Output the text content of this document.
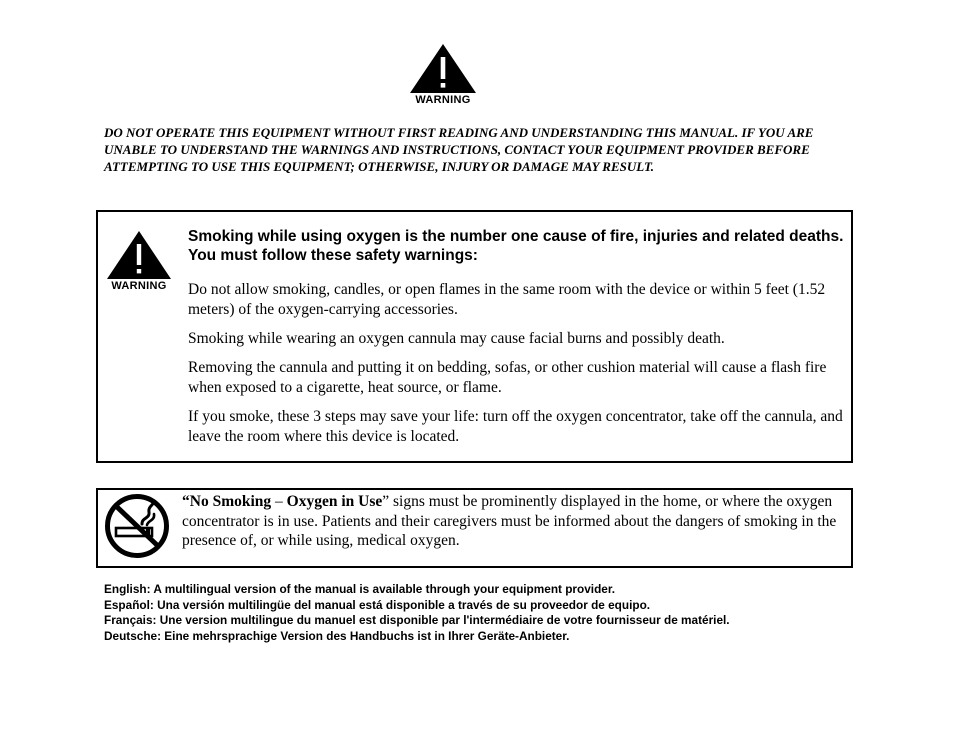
WARNING
DO NOT OPERATE THIS EQUIPMENT WITHOUT FIRST READING AND UNDERSTANDING THIS MANUAL. IF YOU ARE UNABLE TO UNDERSTAND THE WARNINGS AND INSTRUCTIONS, CONTACT YOUR EQUIPMENT PROVIDER BEFORE ATTEMPTING TO USE THIS EQUIPMENT; OTHERWISE, INJURY OR DAMAGE MAY RESULT.
WARNING
Smoking while using oxygen is the number one cause of fire, injuries and related deaths. You must follow these safety warnings:

Do not allow smoking, candles, or open flames in the same room with the device or within 5 feet (1.52 meters) of the oxygen-carrying accessories.

Smoking while wearing an oxygen cannula may cause facial burns and possibly death.

Removing the cannula and putting it on bedding, sofas, or other cushion material will cause a flash fire when exposed to a cigarette, heat source, or flame.

If you smoke, these 3 steps may save your life: turn off the oxygen concentrator, take off the cannula, and leave the room where this device is located.

“No Smoking – Oxygen in Use” signs must be prominently displayed in the home, or where the oxygen concentrator is in use. Patients and their caregivers must be informed about the dangers of smoking in the presence of, or while using, medical oxygen.
English: A multilingual version of the manual is available through your equipment provider.
Español: Una versión multilingüe del manual está disponible a través de su proveedor de equipo.
Français: Une version multilingue du manuel est disponible par l'intermédiaire de votre fournisseur de matériel.
Deutsche: Eine mehrsprachige Version des Handbuchs ist in Ihrer Geräte-Anbieter.
